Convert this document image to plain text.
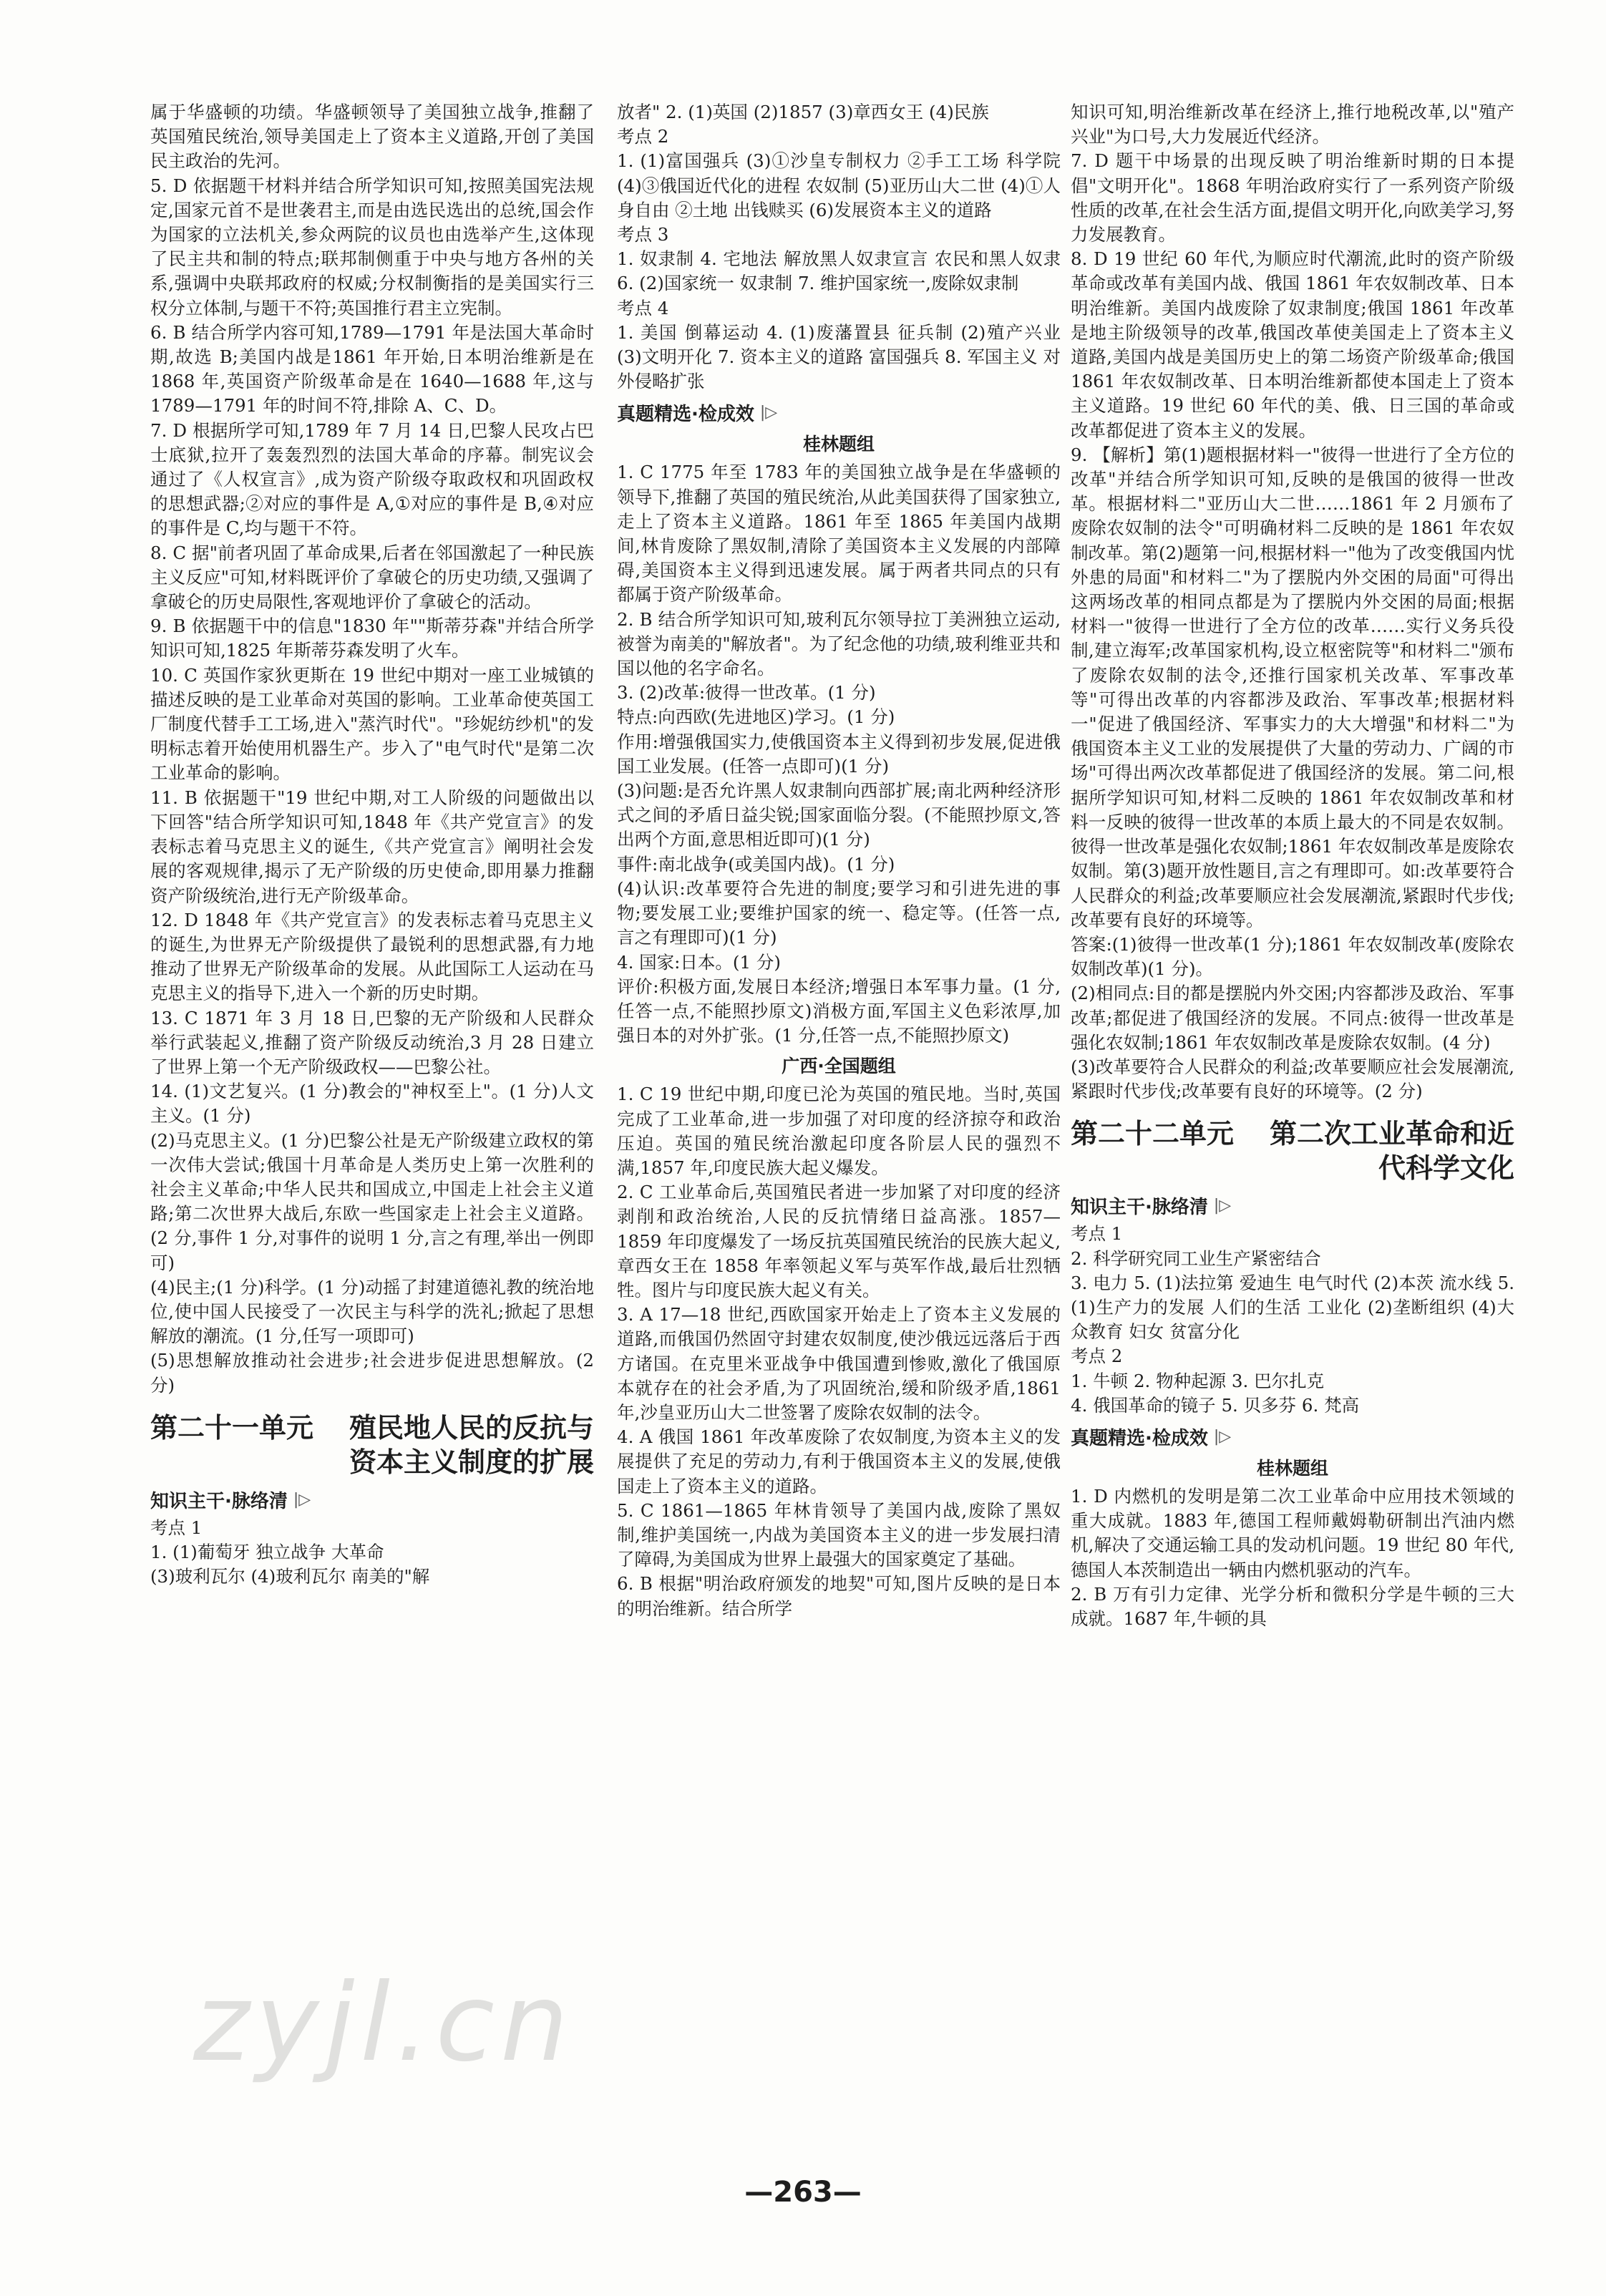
属于华盛顿的功绩。华盛顿领导了美国独立战争,推翻了英国殖民统治,领导美国走上了资本主义道路,开创了美国民主政治的先河。
5. D 依据题干材料并结合所学知识可知,按照美国宪法规定,国家元首不是世袭君主,而是由选民选出的总统,国会作为国家的立法机关,参众两院的议员也由选举产生,这体现了民主共和制的特点;联邦制侧重于中央与地方各州的关系,强调中央联邦政府的权威;分权制衡指的是美国实行三权分立体制,与题干不符;英国推行君主立宪制。
6. B 结合所学内容可知,1789—1791 年是法国大革命时期,故选 B;美国内战是1861 年开始,日本明治维新是在 1868 年,英国资产阶级革命是在 1640—1688 年,这与 1789—1791 年的时间不符,排除 A、C、D。
7. D 根据所学可知,1789 年 7 月 14 日,巴黎人民攻占巴士底狱,拉开了轰轰烈烈的法国大革命的序幕。制宪议会通过了《人权宣言》,成为资产阶级夺取政权和巩固政权的思想武器;②对应的事件是 A,①对应的事件是 B,④对应的事件是 C,均与题干不符。
8. C 据"前者巩固了革命成果,后者在邻国激起了一种民族主义反应"可知,材料既评价了拿破仑的历史功绩,又强调了拿破仑的历史局限性,客观地评价了拿破仑的活动。
9. B 依据题干中的信息"1830 年""斯蒂芬森"并结合所学知识可知,1825 年斯蒂芬森发明了火车。
10. C 英国作家狄更斯在 19 世纪中期对一座工业城镇的描述反映的是工业革命对英国的影响。工业革命使英国工厂制度代替手工工场,进入"蒸汽时代"。"珍妮纺纱机"的发明标志着开始使用机器生产。步入了"电气时代"是第二次工业革命的影响。
11. B 依据题干"19 世纪中期,对工人阶级的问题做出以下回答"结合所学知识可知,1848 年《共产党宣言》的发表标志着马克思主义的诞生,《共产党宣言》阐明社会发展的客观规律,揭示了无产阶级的历史使命,即用暴力推翻资产阶级统治,进行无产阶级革命。
12. D 1848 年《共产党宣言》的发表标志着马克思主义的诞生,为世界无产阶级提供了最锐利的思想武器,有力地推动了世界无产阶级革命的发展。从此国际工人运动在马克思主义的指导下,进入一个新的历史时期。
13. C 1871 年 3 月 18 日,巴黎的无产阶级和人民群众举行武装起义,推翻了资产阶级反动统治,3 月 28 日建立了世界上第一个无产阶级政权——巴黎公社。
14. (1)文艺复兴。(1 分)教会的"神权至上"。(1 分)人文主义。(1 分)
(2)马克思主义。(1 分)巴黎公社是无产阶级建立政权的第一次伟大尝试;俄国十月革命是人类历史上第一次胜利的社会主义革命;中华人民共和国成立,中国走上社会主义道路;第二次世界大战后,东欧一些国家走上社会主义道路。(2 分,事件 1 分,对事件的说明 1 分,言之有理,举出一例即可)
(4)民主;(1 分)科学。(1 分)动摇了封建道德礼教的统治地位,使中国人民接受了一次民主与科学的洗礼;掀起了思想解放的潮流。(1 分,任写一项即可)
(5)思想解放推动社会进步;社会进步促进思想解放。(2 分)
第二十一单元	殖民地人民的反抗与资本主义制度的扩展
知识主干·脉络清 |▷
考点 1
1. (1)葡萄牙 独立战争 大革命
(3)玻利瓦尔 (4)玻利瓦尔 南美的"解
放者" 2. (1)英国 (2)1857 (3)章西女王 (4)民族
考点 2
1. (1)富国强兵 (3)①沙皇专制权力 ②手工工场 科学院 (4)③俄国近代化的进程 农奴制 (5)亚历山大二世 (4)①人身自由 ②土地 出钱赎买 (6)发展资本主义的道路
考点 3
1. 奴隶制 4. 宅地法 解放黑人奴隶宣言 农民和黑人奴隶 6. (2)国家统一 奴隶制 7. 维护国家统一,废除奴隶制
考点 4
1. 美国 倒幕运动 4. (1)废藩置县 征兵制 (2)殖产兴业 (3)文明开化 7. 资本主义的道路 富国强兵 8. 军国主义 对外侵略扩张
真题精选·检成效 |▷
桂林题组
1. C 1775 年至 1783 年的美国独立战争是在华盛顿的领导下,推翻了英国的殖民统治,从此美国获得了国家独立,走上了资本主义道路。1861 年至 1865 年美国内战期间,林肯废除了黑奴制,清除了美国资本主义发展的内部障碍,美国资本主义得到迅速发展。属于两者共同点的只有都属于资产阶级革命。
2. B 结合所学知识可知,玻利瓦尔领导拉丁美洲独立运动,被誉为南美的"解放者"。为了纪念他的功绩,玻利维亚共和国以他的名字命名。
3. (2)改革:彼得一世改革。(1 分)
特点:向西欧(先进地区)学习。(1 分)
作用:增强俄国实力,使俄国资本主义得到初步发展,促进俄国工业发展。(任答一点即可)(1 分)
(3)问题:是否允许黑人奴隶制向西部扩展;南北两种经济形式之间的矛盾日益尖锐;国家面临分裂。(不能照抄原文,答出两个方面,意思相近即可)(1 分)
事件:南北战争(或美国内战)。(1 分)
(4)认识:改革要符合先进的制度;要学习和引进先进的事物;要发展工业;要维护国家的统一、稳定等。(任答一点,言之有理即可)(1 分)
4. 国家:日本。(1 分)
评价:积极方面,发展日本经济;增强日本军事力量。(1 分,任答一点,不能照抄原文)消极方面,军国主义色彩浓厚,加强日本的对外扩张。(1 分,任答一点,不能照抄原文)
广西·全国题组
1. C 19 世纪中期,印度已沦为英国的殖民地。当时,英国完成了工业革命,进一步加强了对印度的经济掠夺和政治压迫。英国的殖民统治激起印度各阶层人民的强烈不满,1857 年,印度民族大起义爆发。
2. C 工业革命后,英国殖民者进一步加紧了对印度的经济剥削和政治统治,人民的反抗情绪日益高涨。1857—1859 年印度爆发了一场反抗英国殖民统治的民族大起义,章西女王在 1858 年率领起义军与英军作战,最后壮烈牺牲。图片与印度民族大起义有关。
3. A 17—18 世纪,西欧国家开始走上了资本主义发展的道路,而俄国仍然固守封建农奴制度,使沙俄远远落后于西方诸国。在克里米亚战争中俄国遭到惨败,激化了俄国原本就存在的社会矛盾,为了巩固统治,缓和阶级矛盾,1861 年,沙皇亚历山大二世签署了废除农奴制的法令。
4. A 俄国 1861 年改革废除了农奴制度,为资本主义的发展提供了充足的劳动力,有利于俄国资本主义的发展,使俄国走上了资本主义的道路。
5. C 1861—1865 年林肯领导了美国内战,废除了黑奴制,维护美国统一,内战为美国资本主义的进一步发展扫清了障碍,为美国成为世界上最强大的国家奠定了基础。
6. B 根据"明治政府颁发的地契"可知,图片反映的是日本的明治维新。结合所学
知识可知,明治维新改革在经济上,推行地税改革,以"殖产兴业"为口号,大力发展近代经济。
7. D 题干中场景的出现反映了明治维新时期的日本提倡"文明开化"。1868 年明治政府实行了一系列资产阶级性质的改革,在社会生活方面,提倡文明开化,向欧美学习,努力发展教育。
8. D 19 世纪 60 年代,为顺应时代潮流,此时的资产阶级革命或改革有美国内战、俄国 1861 年农奴制改革、日本明治维新。美国内战废除了奴隶制度;俄国 1861 年改革是地主阶级领导的改革,俄国改革使美国走上了资本主义道路,美国内战是美国历史上的第二场资产阶级革命;俄国 1861 年农奴制改革、日本明治维新都使本国走上了资本主义道路。19 世纪 60 年代的美、俄、日三国的革命或改革都促进了资本主义的发展。
9. 【解析】第(1)题根据材料一"彼得一世进行了全方位的改革"并结合所学知识可知,反映的是俄国的彼得一世改革。根据材料二"亚历山大二世……1861 年 2 月颁布了废除农奴制的法令"可明确材料二反映的是 1861 年农奴制改革。第(2)题第一问,根据材料一"他为了改变俄国内忧外患的局面"和材料二"为了摆脱内外交困的局面"可得出这两场改革的相同点都是为了摆脱内外交困的局面;根据材料一"彼得一世进行了全方位的改革……实行义务兵役制,建立海军;改革国家机构,设立枢密院等"和材料二"颁布了废除农奴制的法令,还推行国家机关改革、军事改革等"可得出改革的内容都涉及政治、军事改革;根据材料一"促进了俄国经济、军事实力的大大增强"和材料二"为俄国资本主义工业的发展提供了大量的劳动力、广阔的市场"可得出两次改革都促进了俄国经济的发展。第二问,根据所学知识可知,材料二反映的 1861 年农奴制改革和材料一反映的彼得一世改革的本质上最大的不同是农奴制。彼得一世改革是强化农奴制;1861 年农奴制改革是废除农奴制。第(3)题开放性题目,言之有理即可。如:改革要符合人民群众的利益;改革要顺应社会发展潮流,紧跟时代步伐;改革要有良好的环境等。
答案:(1)彼得一世改革(1 分);1861 年农奴制改革(废除农奴制改革)(1 分)。
(2)相同点:目的都是摆脱内外交困;内容都涉及政治、军事改革;都促进了俄国经济的发展。不同点:彼得一世改革是强化农奴制;1861 年农奴制改革是废除农奴制。(4 分)
(3)改革要符合人民群众的利益;改革要顺应社会发展潮流,紧跟时代步伐;改革要有良好的环境等。(2 分)
第二十二单元	第二次工业革命和近代科学文化
知识主干·脉络清 |▷
考点 1
2. 科学研究同工业生产紧密结合
3. 电力 5. (1)法拉第 爱迪生 电气时代 (2)本茨 流水线 5. (1)生产力的发展 人们的生活 工业化 (2)垄断组织 (4)大众教育 妇女 贫富分化
考点 2
1. 牛顿 2. 物种起源 3. 巴尔扎克
4. 俄国革命的镜子 5. 贝多芬 6. 梵高
真题精选·检成效 |▷
桂林题组
1. D 内燃机的发明是第二次工业革命中应用技术领域的重大成就。1883 年,德国工程师戴姆勒研制出汽油内燃机,解决了交通运输工具的发动机问题。19 世纪 80 年代,德国人本茨制造出一辆由内燃机驱动的汽车。
2. B 万有引力定律、光学分析和微积分学是牛顿的三大成就。1687 年,牛顿的具
zyjl.cn
—263—
